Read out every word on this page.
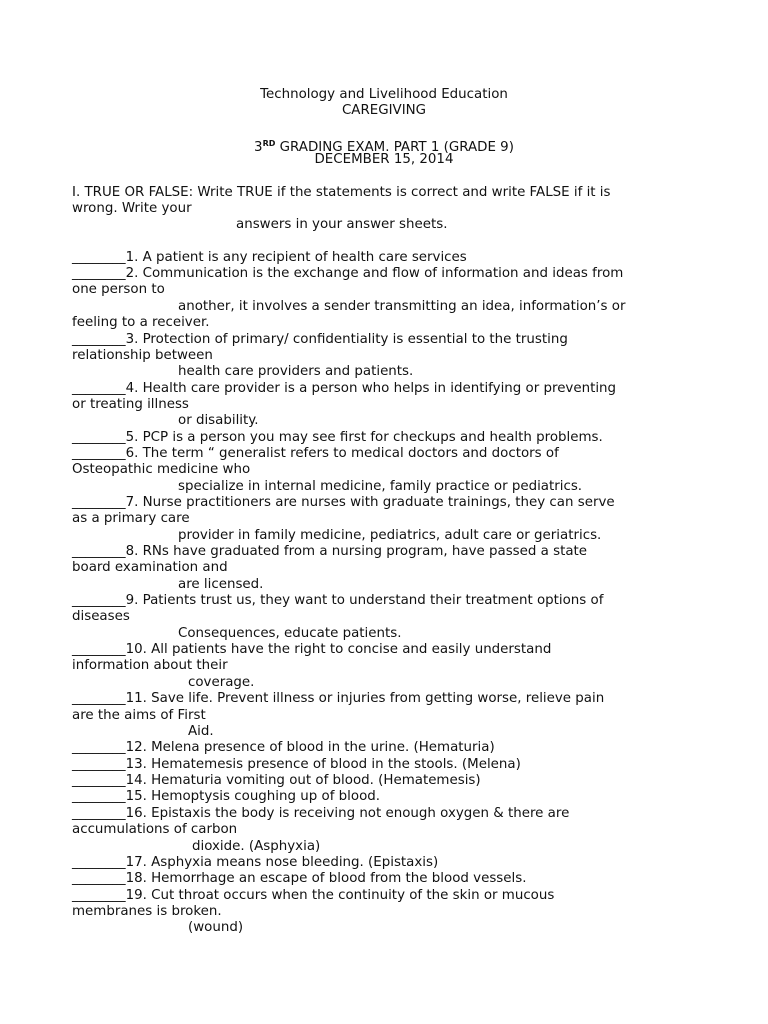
Technology and Livelihood Education
CAREGIVING
3RD GRADING EXAM. PART 1 (GRADE 9)
DECEMBER 15, 2014
I. TRUE OR FALSE: Write TRUE if the statements is correct and write FALSE if it is
wrong. Write your
answers in your answer sheets.
________1. A patient is any recipient of health care services
________2. Communication is the exchange and flow of information and ideas from
one person to
another, it involves a sender transmitting an idea, information’s or
feeling to a receiver.
________3. Protection of primary/ confidentiality is essential to the trusting
relationship between
health care providers and patients.
________4. Health care provider is a person who helps in identifying or preventing
or treating illness
or disability.
________5. PCP is a person you may see first for checkups and health problems.
________6. The term “ generalist refers to medical doctors and doctors of
Osteopathic medicine who
specialize in internal medicine, family practice or pediatrics.
________7. Nurse practitioners are nurses with graduate trainings, they can serve
as a primary care
provider in family medicine, pediatrics, adult care or geriatrics.
________8. RNs have graduated from a nursing program, have passed a state
board examination and
are licensed.
________9. Patients trust us, they want to understand their treatment options of
diseases
Consequences, educate patients.
________10. All patients have the right to concise and easily understand
information about their
coverage.
________11. Save life. Prevent illness or injuries from getting worse, relieve pain
are the aims of First
Aid.
________12. Melena presence of blood in the urine. (Hematuria)
________13. Hematemesis presence of blood in the stools. (Melena)
________14. Hematuria vomiting out of blood. (Hematemesis)
________15. Hemoptysis coughing up of blood.
________16. Epistaxis the body is receiving not enough oxygen & there are
accumulations of carbon
dioxide. (Asphyxia)
________17. Asphyxia means nose bleeding. (Epistaxis)
________18. Hemorrhage an escape of blood from the blood vessels.
________19. Cut throat occurs when the continuity of the skin or mucous
membranes is broken.
(wound)
